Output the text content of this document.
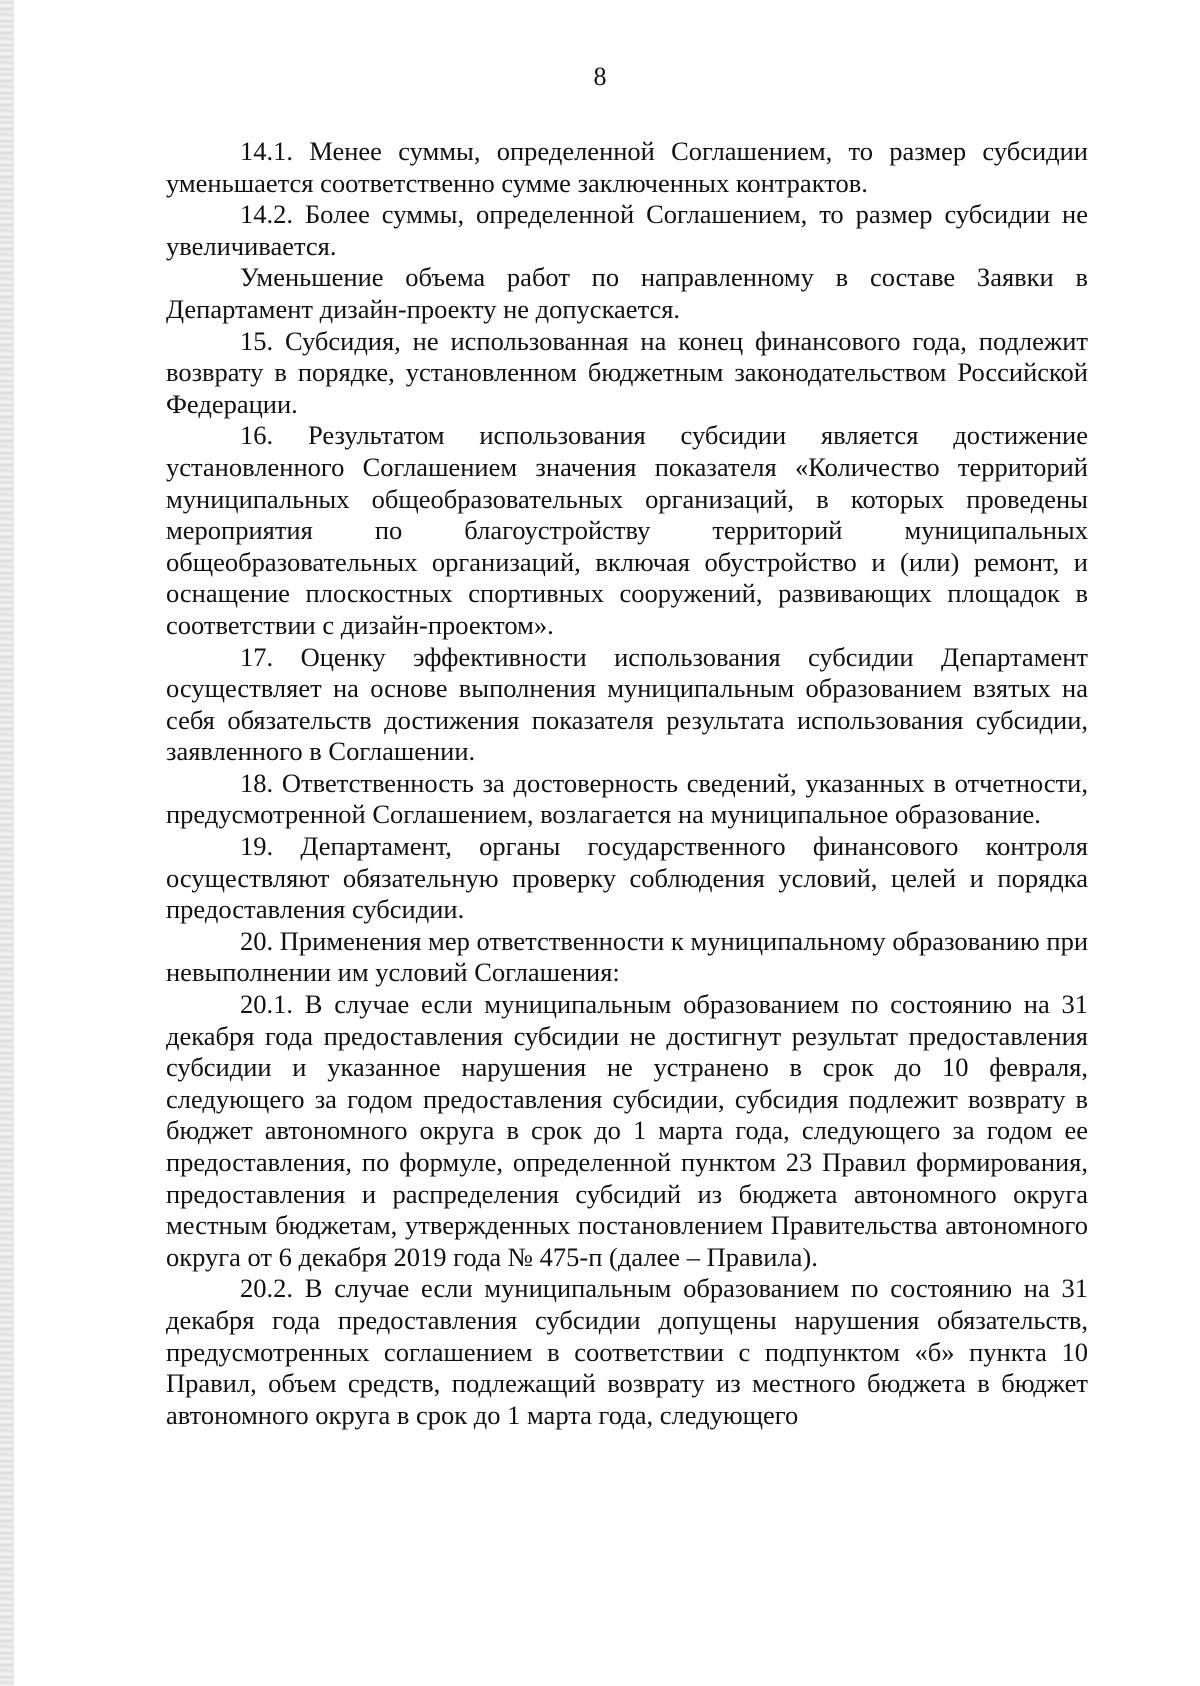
8

14.1. Менее суммы, определенной Соглашением, то размер субсидии уменьшается соответственно сумме заключенных контрактов.

14.2. Более суммы, определенной Соглашением, то размер субсидии не увеличивается.

Уменьшение объема работ по направленному в составе Заявки в Департамент дизайн-проекту не допускается.

15. Субсидия, не использованная на конец финансового года, подлежит возврату в порядке, установленном бюджетным законодательством Российской Федерации.

16. Результатом использования субсидии является достижение установленного Соглашением значения показателя «Количество территорий муниципальных общеобразовательных организаций, в которых проведены мероприятия по благоустройству территорий муниципальных общеобразовательных организаций, включая обустройство и (или) ремонт, и оснащение плоскостных спортивных сооружений, развивающих площадок в соответствии с дизайн-проектом».

17. Оценку эффективности использования субсидии Департамент осуществляет на основе выполнения муниципальным образованием взятых на себя обязательств достижения показателя результата использования субсидии, заявленного в Соглашении.

18. Ответственность за достоверность сведений, указанных в отчетности, предусмотренной Соглашением, возлагается на муниципальное образование.

19. Департамент, органы государственного финансового контроля осуществляют обязательную проверку соблюдения условий, целей и порядка предоставления субсидии.

20. Применения мер ответственности к муниципальному образованию при невыполнении им условий Соглашения:

20.1. В случае если муниципальным образованием по состоянию на 31 декабря года предоставления субсидии не достигнут результат предоставления субсидии и указанное нарушения не устранено в срок до 10 февраля, следующего за годом предоставления субсидии, субсидия подлежит возврату в бюджет автономного округа в срок до 1 марта года, следующего за годом ее предоставления, по формуле, определенной пунктом 23 Правил формирования, предоставления и распределения субсидий из бюджета автономного округа местным бюджетам, утвержденных постановлением Правительства автономного округа от 6 декабря 2019 года № 475-п (далее – Правила).

20.2. В случае если муниципальным образованием по состоянию на 31 декабря года предоставления субсидии допущены нарушения обязательств, предусмотренных соглашением в соответствии с подпунктом «б» пункта 10 Правил, объем средств, подлежащий возврату из местного бюджета в бюджет автономного округа в срок до 1 марта года, следующего
